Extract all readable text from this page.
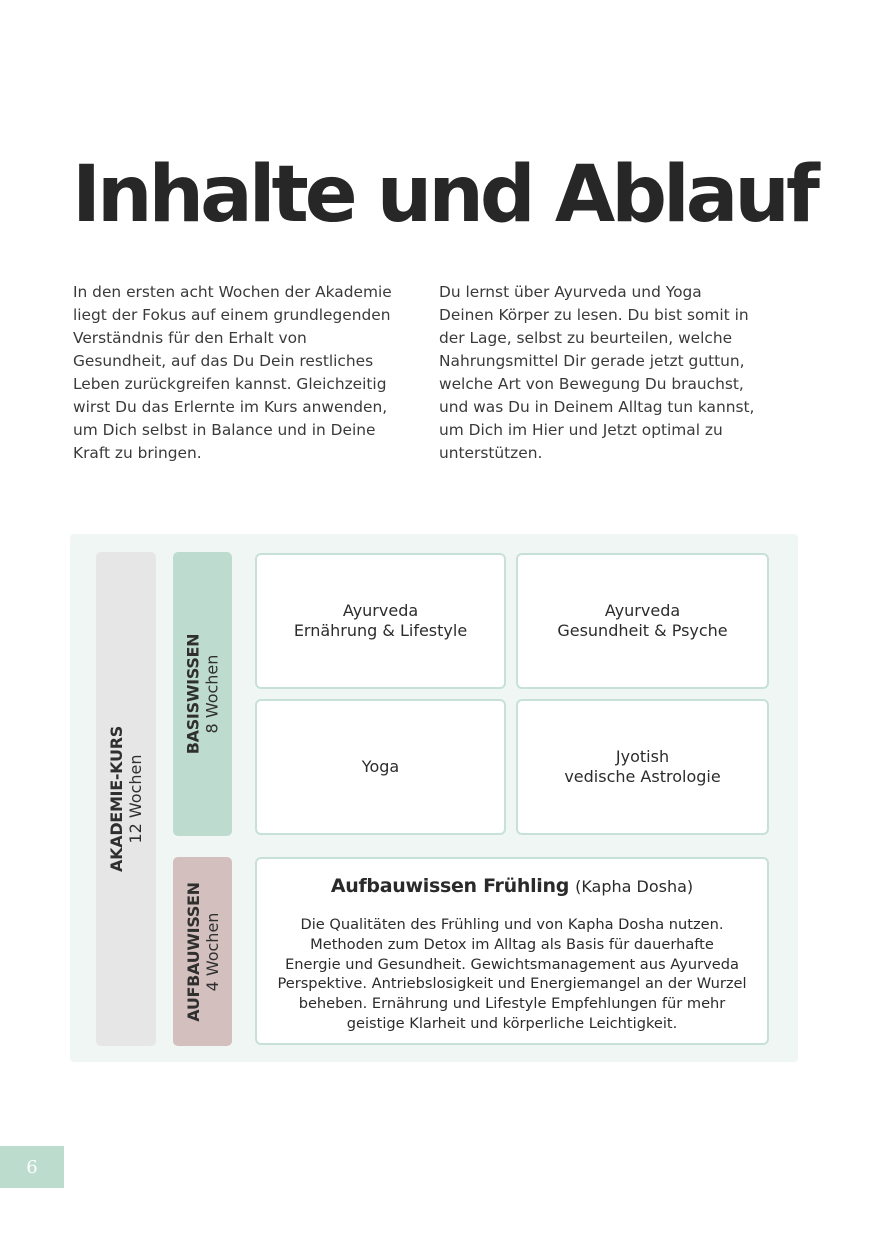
Inhalte und Ablauf
In den ersten acht Wochen der Akademie
liegt der Fokus auf einem grundlegenden
Verständnis für den Erhalt von
Gesundheit, auf das Du Dein restliches
Leben zurückgreifen kannst. Gleichzeitig
wirst Du das Erlernte im Kurs anwenden,
um Dich selbst in Balance und in Deine
Kraft zu bringen.
Du lernst über Ayurveda und Yoga
Deinen Körper zu lesen. Du bist somit in
der Lage, selbst zu beurteilen, welche
Nahrungsmittel Dir gerade jetzt guttun,
welche Art von Bewegung Du brauchst,
und was Du in Deinem Alltag tun kannst,
um Dich im Hier und Jetzt optimal zu
unterstützen.
AKADEMIE-KURS 12 Wochen
BASISWISSEN 8 Wochen
AUFBAUWISSEN 4 Wochen
Ayurveda
Ernährung & Lifestyle
Ayurveda
Gesundheit & Psyche
Yoga
Jyotish
vedische Astrologie
Aufbauwissen Frühling (Kapha Dosha)
Die Qualitäten des Frühling und von Kapha Dosha nutzen.
Methoden zum Detox im Alltag als Basis für dauerhafte
Energie und Gesundheit. Gewichtsmanagement aus Ayurveda
Perspektive. Antriebslosigkeit und Energiemangel an der Wurzel
beheben. Ernährung und Lifestyle Empfehlungen für mehr
geistige Klarheit und körperliche Leichtigkeit.
6
